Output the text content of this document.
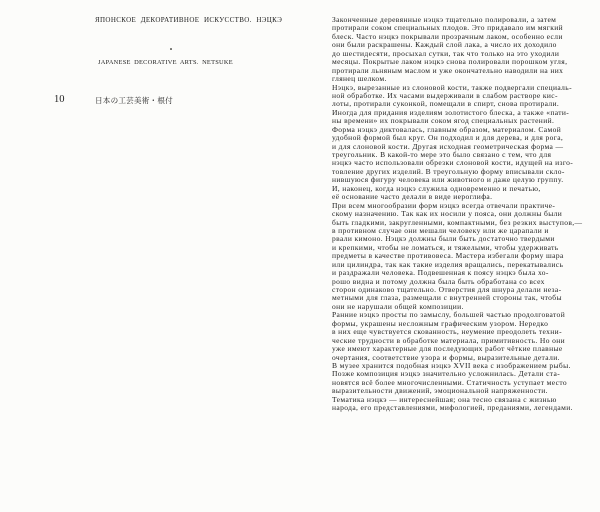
ЯПОНСКОЕ ДЕКОРАТИВНОЕ ИСКУССТВО. НЭЦКЭ
JAPANESE DECORATIVE ARTS. NETSUKE
10	日本の工芸美術・根付
Законченные деревянные нэцкэ тщательно полировали, а затем
протирали соком специальных плодов. Это придавало им мягкий
блеск. Часто нэцкэ покрывали прозрачным лаком, особенно если
они были раскрашены. Каждый слой лака, а число их доходило
до шестидесяти, просыхал сутки, так что только на это уходили
месяцы. Покрытые лаком нэцкэ снова полировали порошком угля,
протирали льняным маслом и уже окончательно наводили на них
глянец шелком.
Нэцкэ, вырезанные из слоновой кости, также подвергали специаль-
ной обработке. Их часами выдерживали в слабом растворе кис-
лоты, протирали суконкой, помещали в спирт, снова протирали.
Иногда для придания изделиям золотистого блеска, а также «пати-
ны времени» их покрывали соком ягод специальных растений.
Форма нэцкэ диктовалась, главным образом, материалом. Самой
удобной формой был круг. Он подходил и для дерева, и для рога,
и для слоновой кости. Другая исходная геометрическая форма —
треугольник. В какой-то мере это было связано с тем, что для
нэцкэ часто использовали обрезки слоновой кости, идущей на изго-
товление других изделий. В треугольную форму вписывали скло-
нившуюся фигуру человека или животного и даже целую группу.
И, наконец, когда нэцкэ служила одновременно и печатью,
её основание часто делали в виде иероглифа.
При всем многообразии форм нэцкэ всегда отвечали практиче-
скому назначению. Так как их носили у пояса, они должны были
быть гладкими, закругленными, компактными, без резких выступов,—
в противном случае они мешали человеку или же царапали и
рвали кимоно. Нэцкэ должны были быть достаточно твердыми
и крепкими, чтобы не ломаться, и тяжелыми, чтобы удерживать
предметы в качестве противовеса. Мастера избегали форму шара
или цилиндра, так как такие изделия вращались, перекатывались
и раздражали человека. Подвешенная к поясу нэцкэ была хо-
рошо видна и потому должна была быть обработана со всех
сторон одинаково тщательно. Отверстия для шнура делали неза-
метными для глаза, размещали с внутренней стороны так, чтобы
они не нарушали общей композиции.
Ранние нэцкэ просты по замыслу, большей частью продолговатой
формы, украшены несложным графическим узором. Нередко
в них еще чувствуется скованность, неумение преодолеть техни-
ческие трудности в обработке материала, примитивность. Но они
уже имеют характерные для последующих работ чёткие плавные
очертания, соответствие узора и формы, выразительные детали.
В музее хранится подобная нэцкэ XVII века с изображением рыбы.
Позже композиция нэцкэ значительно усложнилась. Детали ста-
новятся всё более многочисленными. Статичность уступает место
выразительности движений, эмоциональной напряженности.
Тематика нэцкэ — интереснейшая; она тесно связана с жизнью
народа, его представлениями, мифологией, преданиями, легендами.
